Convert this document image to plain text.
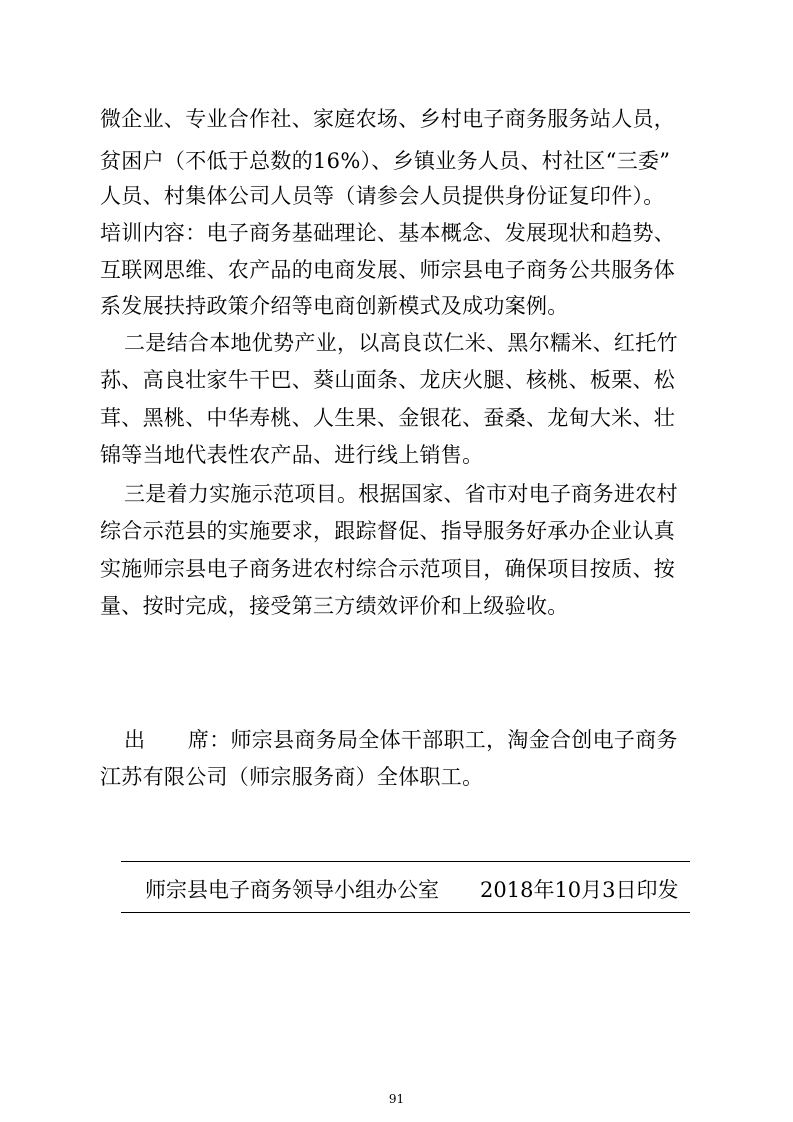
微企业、专业合作社、家庭农场、乡村电子商务服务站人员，
贫困户（不低于总数的16%）、乡镇业务人员、村社区“三委”
人员、村集体公司人员等（请参会人员提供身份证复印件）。
培训内容：电子商务基础理论、基本概念、发展现状和趋势、
互联网思维、农产品的电商发展、师宗县电子商务公共服务体
系发展扶持政策介绍等电商创新模式及成功案例。
二是结合本地优势产业，以高良苡仁米、黑尔糯米、红托竹
荪、高良壮家牛干巴、葵山面条、龙庆火腿、核桃、板栗、松
茸、黑桃、中华寿桃、人生果、金银花、蚕桑、龙甸大米、壮
锦等当地代表性农产品、进行线上销售。
三是着力实施示范项目。根据国家、省市对电子商务进农村
综合示范县的实施要求，跟踪督促、指导服务好承办企业认真
实施师宗县电子商务进农村综合示范项目，确保项目按质、按
量、按时完成，接受第三方绩效评价和上级验收。
出　　席：师宗县商务局全体干部职工，淘金合创电子商务
江苏有限公司（师宗服务商）全体职工。
师宗县电子商务领导小组办公室 2018年10月3日印发
91
